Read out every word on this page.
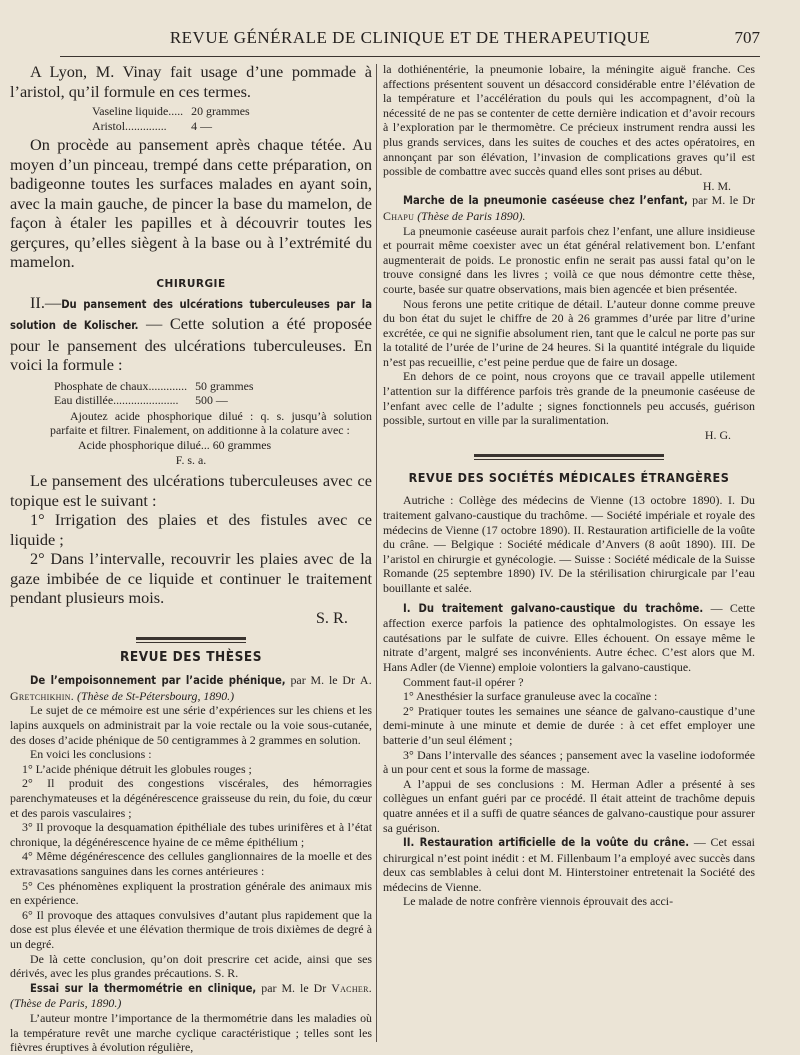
REVUE GÉNÉRALE DE CLINIQUE ET DE THERAPEUTIQUE	707

A Lyon, M. Vinay fait usage d’une pommade à l’aristol, qu’il formule en ces termes.

Vaseline liquide.....	20 grammes
Aristol..............	4 —

On procède au pansement après chaque tétée. Au moyen d’un pinceau, trempé dans cette préparation, on badigeonne toutes les surfaces malades en ayant soin, avec la main gauche, de pincer la base du mamelon, de façon à étaler les papilles et à découvrir toutes les gerçures, qu’elles siègent à la base ou à l’extrémité du mamelon.

CHIRURGIE

II.—Du pansement des ulcérations tuberculeuses par la solution de Kolischer. — Cette solution a été proposée pour le pansement des ulcérations tuberculeuses. En voici la formule :

Phosphate de chaux.............	50 grammes
Eau distillée......................	500 —

Ajoutez acide phosphorique dilué : q. s. jusqu’à solution parfaite et filtrer. Finalement, on additionne à la colature avec :

Acide phosphorique dilué... 60 grammes

F. s. a.

Le pansement des ulcérations tuberculeuses avec ce topique est le suivant :

1° Irrigation des plaies et des fistules avec ce liquide ;

2° Dans l’intervalle, recouvrir les plaies avec de la gaze imbibée de ce liquide et continuer le traitement pendant plusieurs mois.

S. R.

REVUE DES THÈSES

De l’empoisonnement par l’acide phénique, par M. le Dr A. Gretchikhin. (Thèse de St-Pétersbourg, 1890.)

Le sujet de ce mémoire est une série d’expériences sur les chiens et les lapins auxquels on administrait par la voie rectale ou la voie sous-cutanée, des doses d’acide phénique de 50 centigrammes à 2 grammes en solution.

En voici les conclusions :

1° L’acide phénique détruit les globules rouges ;

2° Il produit des congestions viscérales, des hémorragies parenchymateuses et la dégénérescence graisseuse du rein, du foie, du cœur et des parois vasculaires ;

3° Il provoque la desquamation épithéliale des tubes urinifères et à l’état chronique, la dégénérescence hyaine de ce même épithélium ;

4° Même dégénérescence des cellules ganglionnaires de la moelle et des extravasations sanguines dans les cornes antérieures :

5° Ces phénomènes expliquent la prostration générale des animaux mis en expérience.

6° Il provoque des attaques convulsives d’autant plus rapidement que la dose est plus élevée et une élévation thermique de trois dixièmes de degré à un degré.

De là cette conclusion, qu’on doit prescrire cet acide, ainsi que ses dérivés, avec les plus grandes précautions. S. R.

Essai sur la thermométrie en clinique, par M. le Dr Vacher. (Thèse de Paris, 1890.)

L’auteur montre l’importance de la thermométrie dans les maladies où la température revêt une marche cyclique caractéristique ; telles sont les fièvres éruptives à évolution régulière,

la dothiénentérie, la pneumonie lobaire, la méningite aiguë franche. Ces affections présentent souvent un désaccord considérable entre l’élévation de la température et l’accélération du pouls qui les accompagnent, d’où la nécessité de ne pas se contenter de cette dernière indication et d’avoir recours à l’exploration par le thermomètre. Ce précieux instrument rendra aussi les plus grands services, dans les suites de couches et des actes opératoires, en annonçant par son élévation, l’invasion de complications graves qu’il est possible de combattre avec succès quand elles sont prises au début.

H. M.

Marche de la pneumonie caséeuse chez l’enfant, par M. le Dr Chapu (Thèse de Paris 1890).

La pneumonie caséeuse aurait parfois chez l’enfant, une allure insidieuse et pourrait même coexister avec un état général relativement bon. L’enfant augmenterait de poids. Le pronostic enfin ne serait pas aussi fatal qu’on le trouve consigné dans les livres ; voilà ce que nous démontre cette thèse, courte, basée sur quatre observations, mais bien agencée et bien présentée.

Nous ferons une petite critique de détail. L’auteur donne comme preuve du bon état du sujet le chiffre de 20 à 26 grammes d’urée par litre d’urine excrétée, ce qui ne signifie absolument rien, tant que le calcul ne porte pas sur la totalité de l’urée de l’urine de 24 heures. Si la quantité intégrale du liquide n’est pas recueillie, c’est peine perdue que de faire un dosage.

En dehors de ce point, nous croyons que ce travail appelle utilement l’attention sur la différence parfois très grande de la pneumonie caséeuse de l’enfant avec celle de l’adulte ; signes fonctionnels peu accusés, guérison possible, surtout en ville par la suralimentation.

H. G.

REVUE DES SOCIÉTÉS MÉDICALES ÉTRANGÈRES

Autriche : Collège des médecins de Vienne (13 octobre 1890). I. Du traitement galvano-caustique du trachôme. — Société impériale et royale des médecins de Vienne (17 octobre 1890). II. Restauration artificielle de la voûte du crâne. — Belgique : Société médicale d’Anvers (8 août 1890). III. De l’aristol en chirurgie et gynécologie. — Suisse : Société médicale de la Suisse Romande (25 septembre 1890) IV. De la stérilisation chirurgicale par l’eau bouillante et salée.

I. Du traitement galvano-caustique du trachôme. — Cette affection exerce parfois la patience des ophtalmologistes. On essaye les cautésations par le sulfate de cuivre. Elles échouent. On essaye même le nitrate d’argent, malgré ses inconvénients. Autre échec. C’est alors que M. Hans Adler (de Vienne) emploie volontiers la galvano-caustique.

Comment faut-il opérer ?

1° Anesthésier la surface granuleuse avec la cocaïne :

2° Pratiquer toutes les semaines une séance de galvano-caustique d’une demi-minute à une minute et demie de durée : à cet effet employer une batterie d’un seul élément ;

3° Dans l’intervalle des séances ; pansement avec la vaseline iodoformée à un pour cent et sous la forme de massage.

A l’appui de ses conclusions : M. Herman Adler a présenté à ses collègues un enfant guéri par ce procédé. Il était atteint de trachôme depuis quatre années et il a suffi de quatre séances de galvano-caustique pour assurer sa guérison.

II. Restauration artificielle de la voûte du crâne. — Cet essai chirurgical n’est point inédit : et M. Fillenbaum l’a employé avec succès dans deux cas semblables à celui dont M. Hinterstoiner entretenait la Société des médecins de Vienne.

Le malade de notre confrère viennois éprouvait des acci-
